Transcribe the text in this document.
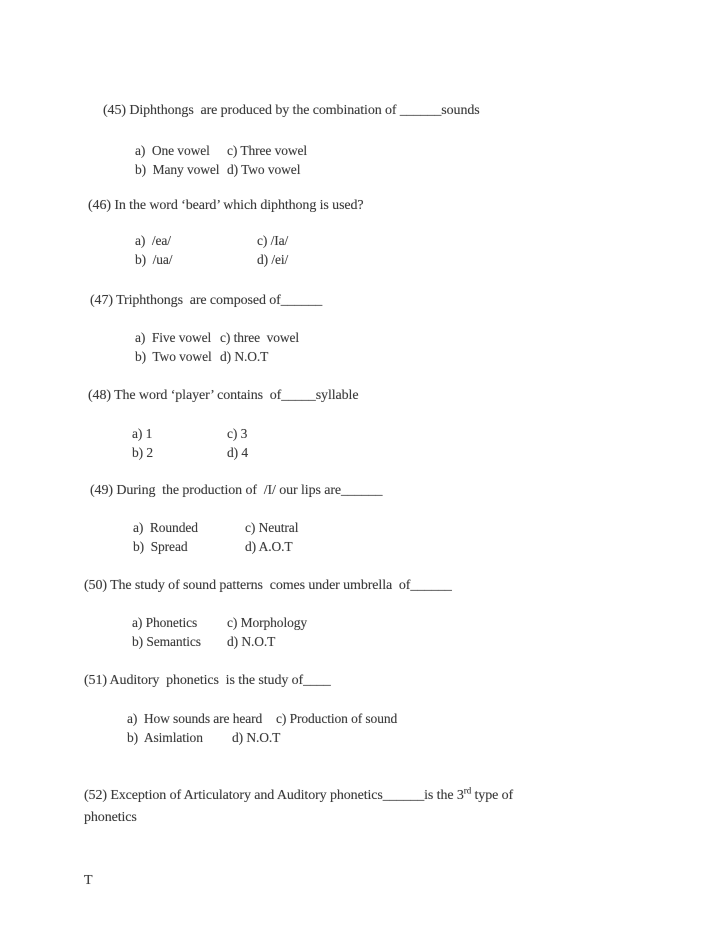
(45) Diphthongs  are produced by the combination of ______sounds
a)  One vowel	c) Three vowel
b)  Many vowel d) Two vowel
(46) In the word ‘beard’ which diphthong is used?
a)  /ea/	c) /Ia/
b)  /ua/	d) /ei/
(47) Triphthongs  are composed of______
a)  Five vowel c) three  vowel
b)  Two vowel d) N.O.T
(48) The word ‘player’ contains  of_____syllable
a) 1	c) 3
b) 2	d) 4
(49) During  the production of  /I/ our lips are______
a)  Rounded	c) Neutral
b)  Spread	d) A.O.T
(50) The study of sound patterns  comes under umbrella  of______
a) Phonetics	c) Morphology
b) Semantics	d) N.O.T
(51) Auditory  phonetics  is the study of____
a)  How sounds are heard	c) Production of sound
b)  Asimlation	d) N.O.T
(52) Exception of Articulatory and Auditory phonetics______is the 3rd type of
phonetics
T
